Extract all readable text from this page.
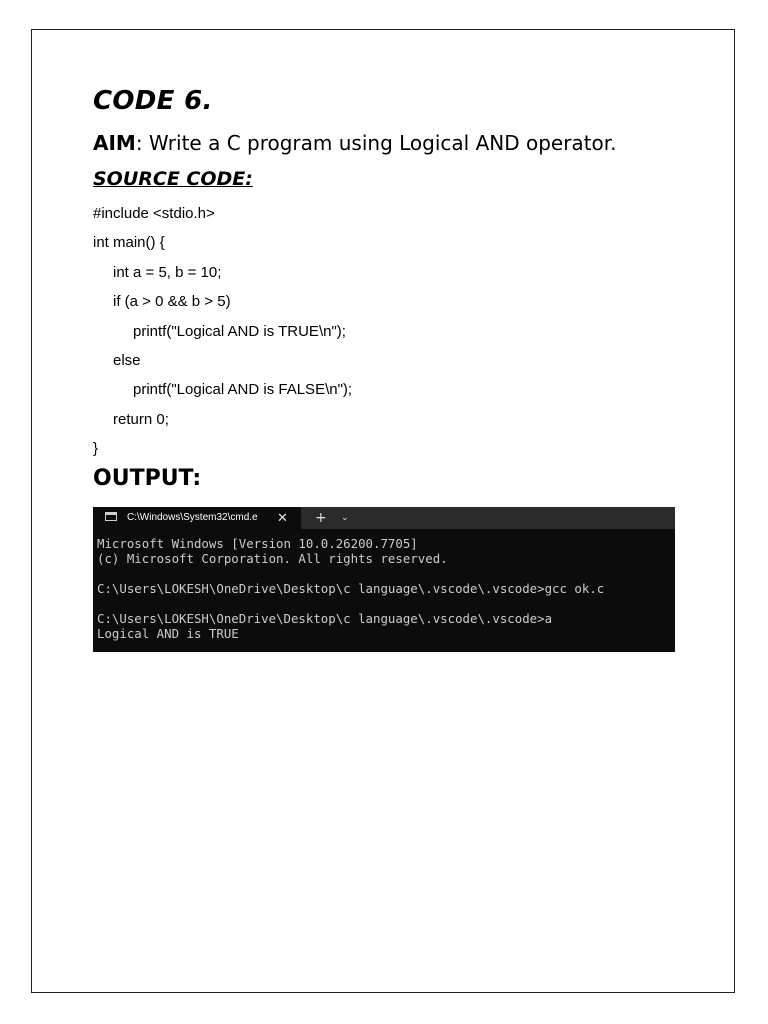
CODE 6.

AIM: Write a C program using Logical AND operator.

SOURCE CODE:
#include <stdio.h>
int main() {
int a = 5, b = 10;
if (a > 0 && b > 5)
printf("Logical AND is TRUE\n");
else
printf("Logical AND is FALSE\n");
return 0;
}
OUTPUT:
C:\Windows\System32\cmd.e	✕ + ⌄
Microsoft Windows [Version 10.0.26200.7705]
(c) Microsoft Corporation. All rights reserved.
C:\Users\LOKESH\OneDrive\Desktop\c language\.vscode\.vscode>gcc ok.c
C:\Users\LOKESH\OneDrive\Desktop\c language\.vscode\.vscode>a
Logical AND is TRUE
